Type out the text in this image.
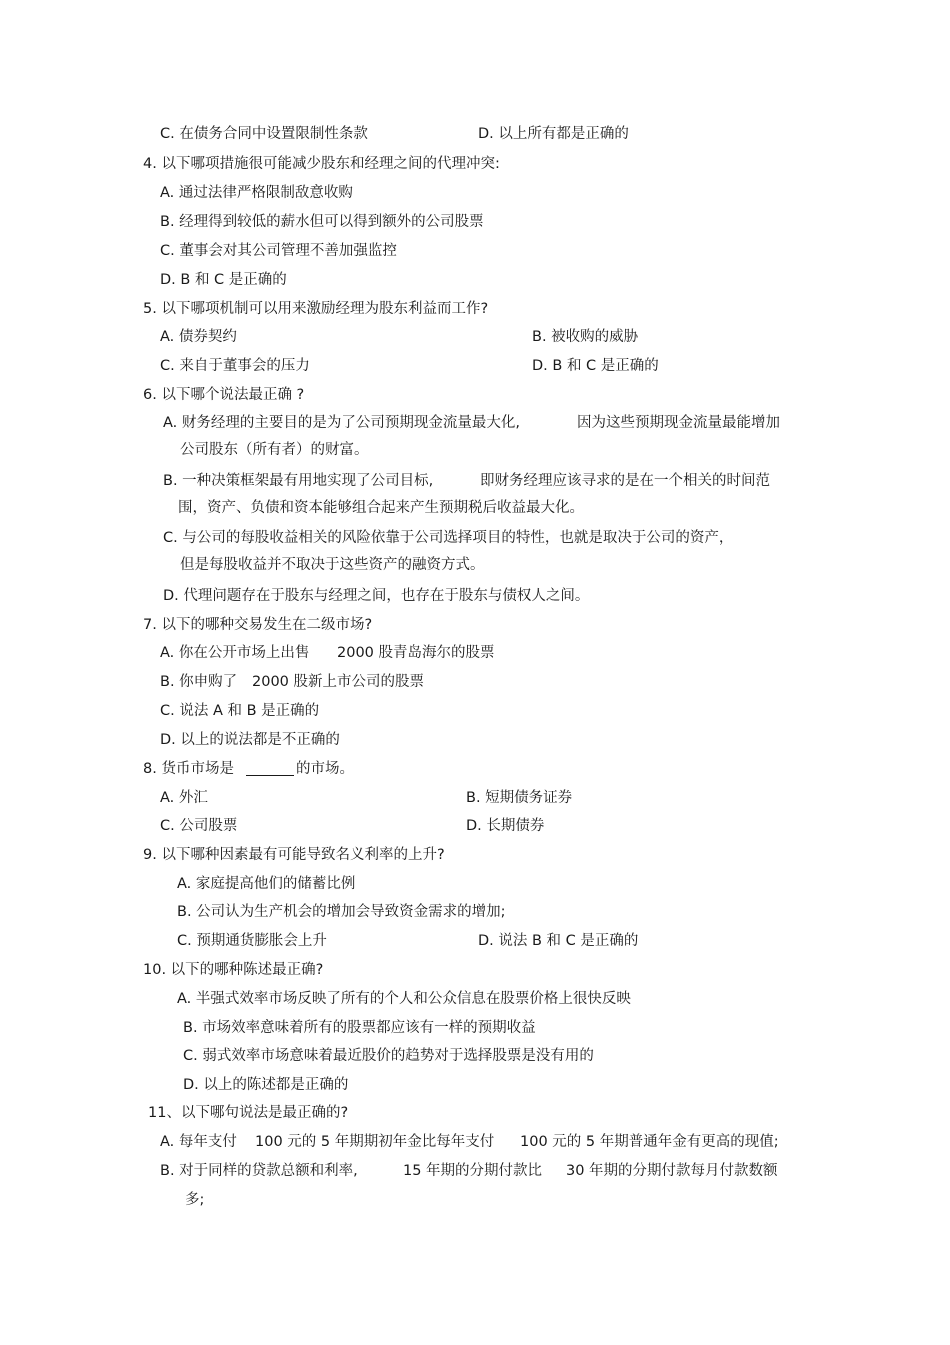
C. 在债务合同中设置限制性条款	D. 以上所有都是正确的
4. 以下哪项措施很可能减少股东和经理之间的代理冲突:
A. 通过法律严格限制敌意收购
B. 经理得到较低的薪水但可以得到额外的公司股票
C. 董事会对其公司管理不善加强监控
D. B 和 C 是正确的
5. 以下哪项机制可以用来激励经理为股东利益而工作?
A. 债券契约	B. 被收购的威胁
C. 来自于董事会的压力	D. B 和 C 是正确的
6. 以下哪个说法最正确 ?
A. 财务经理的主要目的是为了公司预期现金流量最大化,	因为这些预期现金流量最能增加
公司股东（所有者）的财富。
B. 一种决策框架最有用地实现了公司目标,	即财务经理应该寻求的是在一个相关的时间范
围，资产、负债和资本能够组合起来产生预期税后收益最大化。
C. 与公司的每股收益相关的风险依靠于公司选择项目的特性，也就是取决于公司的资产，
但是每股收益并不取决于这些资产的融资方式。
D. 代理问题存在于股东与经理之间，也存在于股东与债权人之间。
7. 以下的哪种交易发生在二级市场?
A. 你在公开市场上出售 2000 股青岛海尔的股票
B. 你申购了 2000 股新上市公司的股票
C. 说法 A 和 B 是正确的
D. 以上的说法都是不正确的
8. 货币市场是	的市场。
A. 外汇	B. 短期债务证券
C. 公司股票	D. 长期债券
9. 以下哪种因素最有可能导致名义利率的上升?
A. 家庭提高他们的储蓄比例
B. 公司认为生产机会的增加会导致资金需求的增加;
C. 预期通货膨胀会上升	D. 说法 B 和 C 是正确的
10. 以下的哪种陈述最正确?
A. 半强式效率市场反映了所有的个人和公众信息在股票价格上很快反映
B. 市场效率意味着所有的股票都应该有一样的预期收益
C. 弱式效率市场意味着最近股价的趋势对于选择股票是没有用的
D. 以上的陈述都是正确的
11、以下哪句说法是最正确的?
A. 每年支付 100 元的 5 年期期初年金比每年支付 100 元的 5 年期普通年金有更高的现值;
B. 对于同样的贷款总额和利率,	15 年期的分期付款比 30 年期的分期付款每月付款数额
多;
